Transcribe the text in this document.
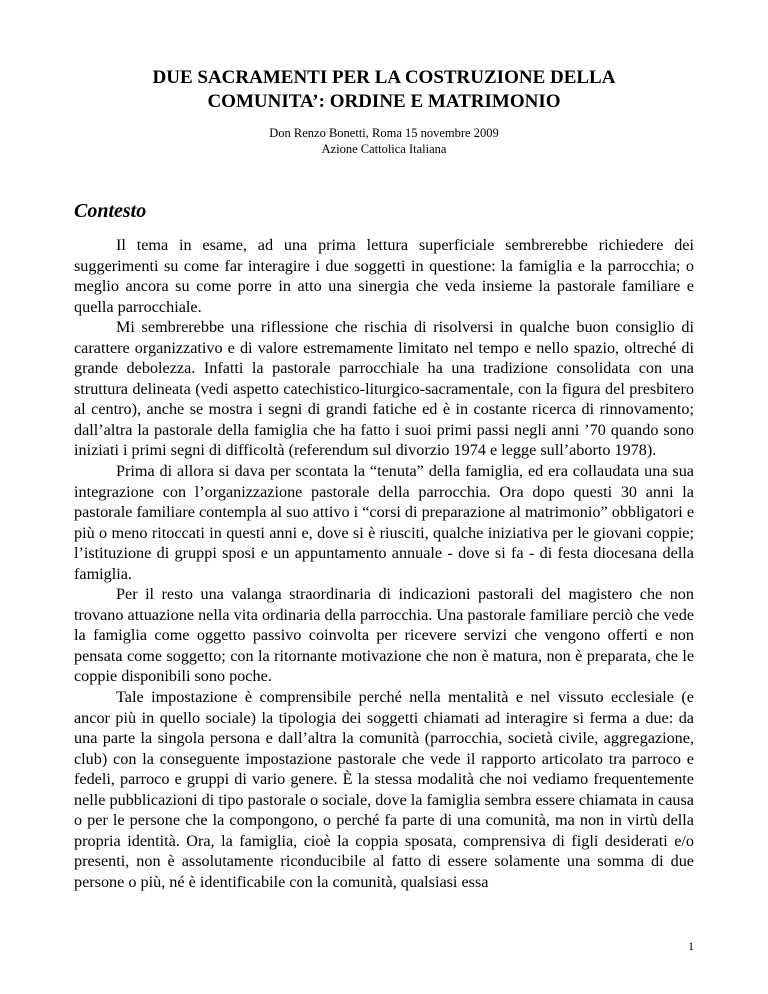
DUE SACRAMENTI PER LA COSTRUZIONE DELLA
COMUNITA’: ORDINE E MATRIMONIO
Don Renzo Bonetti, Roma 15 novembre 2009
Azione Cattolica Italiana
Contesto

Il tema in esame, ad una prima lettura superficiale sembrerebbe richiedere dei suggerimenti su come far interagire i due soggetti in questione: la famiglia e la parrocchia; o meglio ancora su come porre in atto una sinergia che veda insieme la pastorale familiare e quella parrocchiale.

Mi sembrerebbe una riflessione che rischia di risolversi in qualche buon consiglio di carattere organizzativo e di valore estremamente limitato nel tempo e nello spazio, oltreché di grande debolezza. Infatti la pastorale parrocchiale ha una tradizione consolidata con una struttura delineata (vedi aspetto catechistico-liturgico-sacramentale, con la figura del presbitero al centro), anche se mostra i segni di grandi fatiche ed è in costante ricerca di rinnovamento; dall’altra la pastorale della famiglia che ha fatto i suoi primi passi negli anni ’70 quando sono iniziati i primi segni di difficoltà (referendum sul divorzio 1974 e legge sull’aborto 1978).

Prima di allora si dava per scontata la “tenuta” della famiglia, ed era collaudata una sua integrazione con l’organizzazione pastorale della parrocchia. Ora dopo questi 30 anni la pastorale familiare contempla al suo attivo i “corsi di preparazione al matrimonio” obbligatori e più o meno ritoccati in questi anni e, dove si è riusciti, qualche iniziativa per le giovani coppie; l’istituzione di gruppi sposi e un appuntamento annuale - dove si fa - di festa diocesana della famiglia.

Per il resto una valanga straordinaria di indicazioni pastorali del magistero che non trovano attuazione nella vita ordinaria della parrocchia. Una pastorale familiare perciò che vede la famiglia come oggetto passivo coinvolta per ricevere servizi che vengono offerti e non pensata come soggetto; con la ritornante motivazione che non è matura, non è preparata, che le coppie disponibili sono poche.

Tale impostazione è comprensibile perché nella mentalità e nel vissuto ecclesiale (e ancor più in quello sociale) la tipologia dei soggetti chiamati ad interagire si ferma a due: da una parte la singola persona e dall’altra la comunità (parrocchia, società civile, aggregazione, club) con la conseguente impostazione pastorale che vede il rapporto articolato tra parroco e fedeli, parroco e gruppi di vario genere. È la stessa modalità che noi vediamo frequentemente nelle pubblicazioni di tipo pastorale o sociale, dove la famiglia sembra essere chiamata in causa o per le persone che la compongono, o perché fa parte di una comunità, ma non in virtù della propria identità. Ora, la famiglia, cioè la coppia sposata, comprensiva di figli desiderati e/o presenti, non è assolutamente riconducibile al fatto di essere solamente una somma di due persone o più, né è identificabile con la comunità, qualsiasi essa

1
